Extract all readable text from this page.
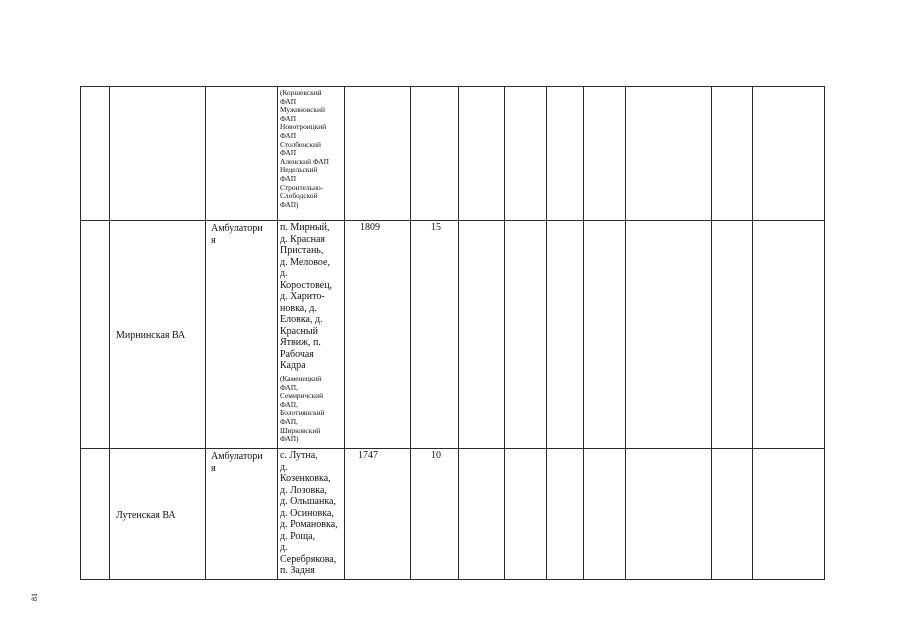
(Коршевский
ФАП
Мужиновский
ФАП
Новотроицкий
ФАП
Столбенский
ФАП
Аленский ФАП
Недельский
ФАП
Строительно-
Слободской
ФАП)
Мирнинская ВА
Амбулатори
я
п. Мирный,
д. Красная
Пристань,
д. Меловое,
д.
Коростовец,
д. Харито-
новка, д.
Еловка, д.
Красный
Ятвиж, п.
Рабочая
Кадра
(Каменецкий
ФАП,
Семиричский
ФАП,
Болотнянский
ФАП,
Ширковский
ФАП)
1809	15
Лутенская ВА
Амбулатори
я
с. Лутна,
д.
Козенковка,
д. Лозовка,
д. Ольшанка,
д. Осиновка,
д. Романовка,
д. Роща,
д.
Серебрякова,
п. Задня
1747	10
81
